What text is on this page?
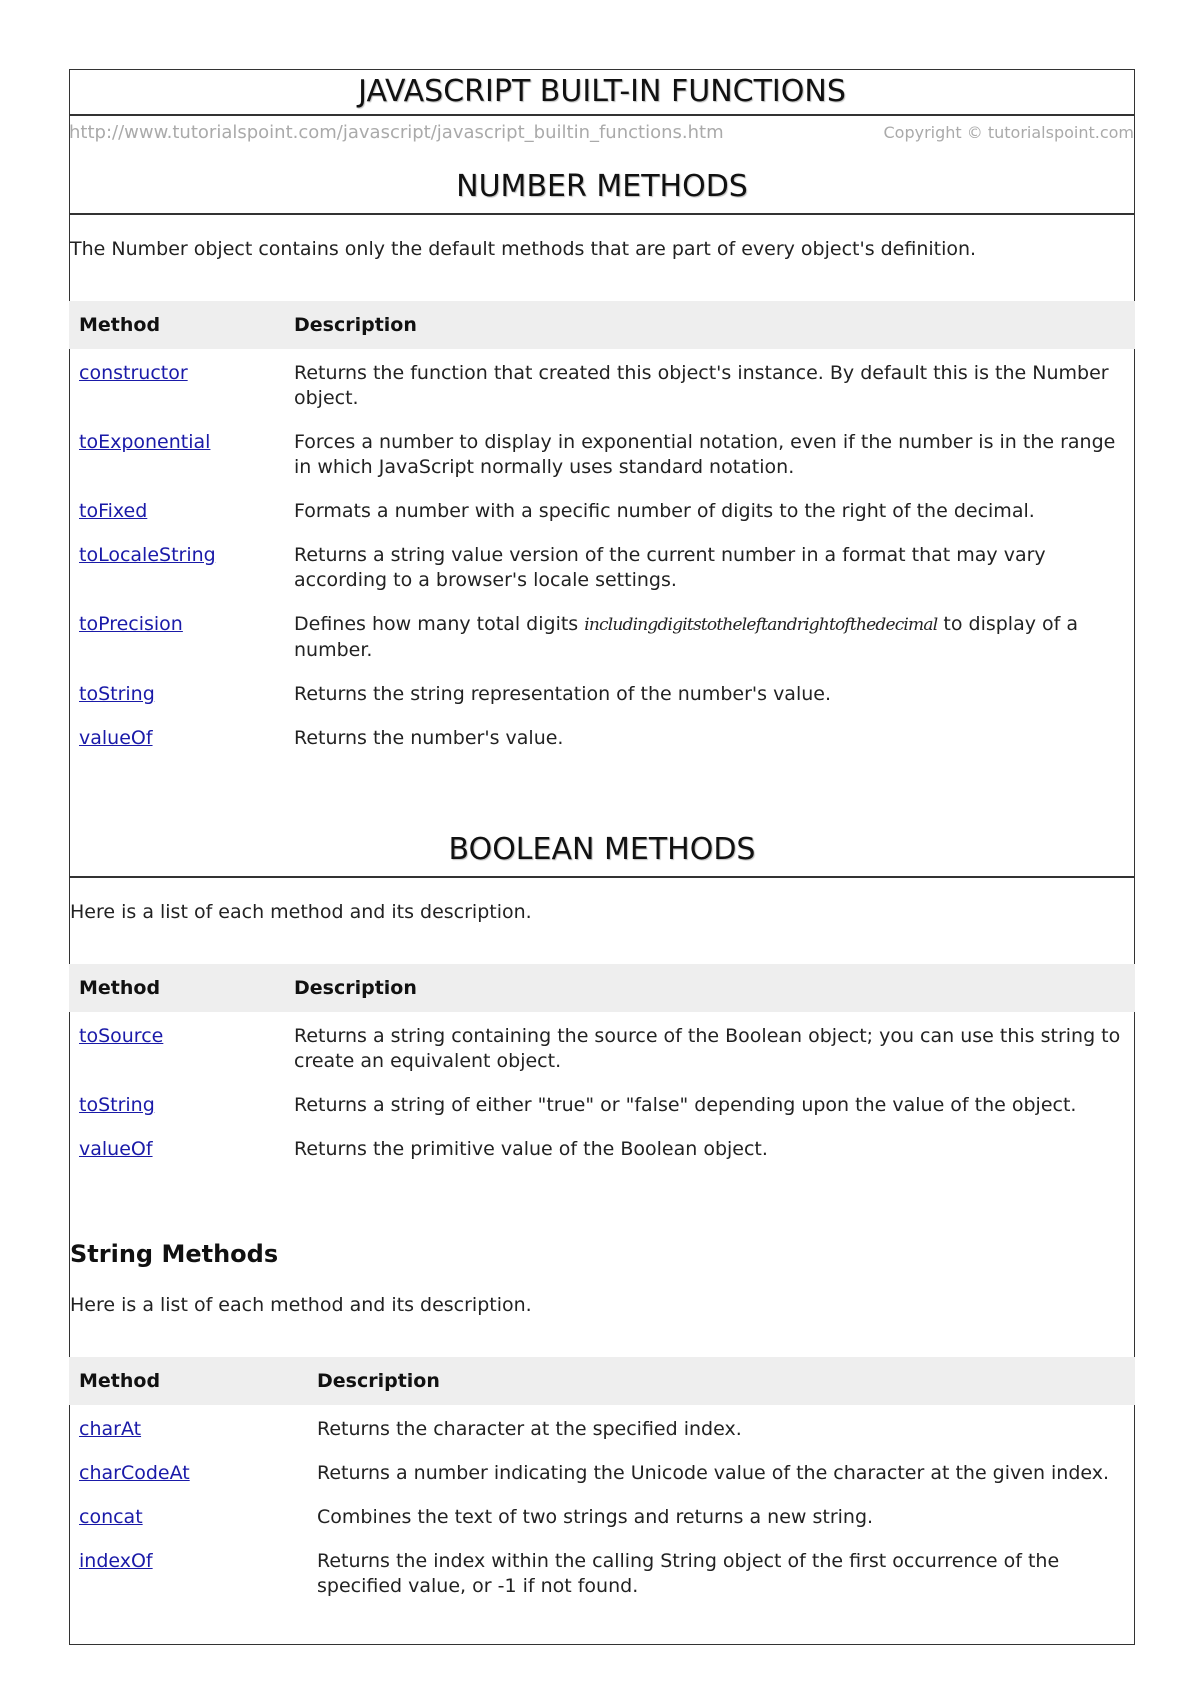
JAVASCRIPT BUILT-IN FUNCTIONS
http://www.tutorialspoint.com/javascript/javascript_builtin_functions.htm	Copyright © tutorialspoint.com
NUMBER METHODS
The Number object contains only the default methods that are part of every object's definition.
Method	Description
constructor	Returns the function that created this object's instance. By default this is the Number object.
toExponential	Forces a number to display in exponential notation, even if the number is in the range in which JavaScript normally uses standard notation.
toFixed	Formats a number with a specific number of digits to the right of the decimal.
toLocaleString	Returns a string value version of the current number in a format that may vary according to a browser's locale settings.
toPrecision	Defines how many total digits includingdigitstotheleftandrightofthedecimal to display of a number.
toString	Returns the string representation of the number's value.
valueOf	Returns the number's value.
BOOLEAN METHODS
Here is a list of each method and its description.
Method	Description
toSource	Returns a string containing the source of the Boolean object; you can use this string to create an equivalent object.
toString	Returns a string of either "true" or "false" depending upon the value of the object.
valueOf	Returns the primitive value of the Boolean object.
String Methods
Here is a list of each method and its description.
Method	Description
charAt	Returns the character at the specified index.
charCodeAt	Returns a number indicating the Unicode value of the character at the given index.
concat	Combines the text of two strings and returns a new string.
indexOf	Returns the index within the calling String object of the first occurrence of the specified value, or -1 if not found.
